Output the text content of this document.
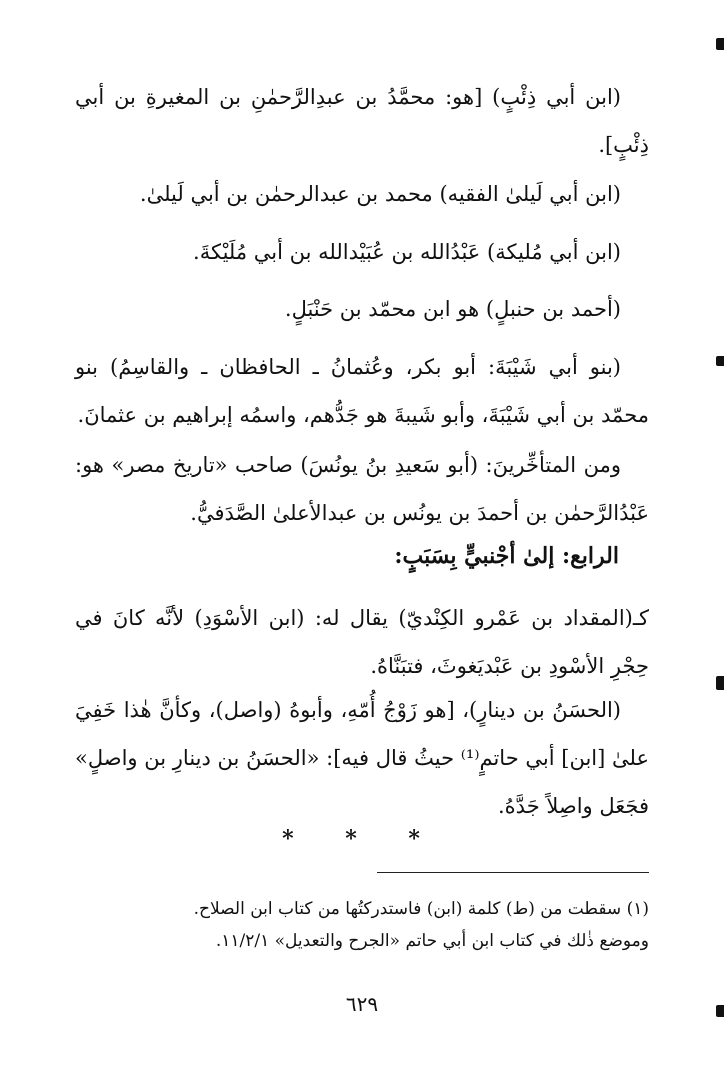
(ابن أبي ذِئْبٍ) [هو: محمَّدُ بن عبدِالرَّحمٰنِ بن المغيرةِ بن أبي ذِئْبٍ].

(ابن أبي لَيلىٰ الفقيه) محمد بن عبدالرحمٰن بن أبي لَيلىٰ.

(ابن أبي مُليكة) عَبْدُالله بن عُبَيْدالله بن أبي مُلَيْكةَ.

(أحمد بن حنبلٍ) هو ابن محمّد بن حَنْبَلٍ.

(بنو أبي شَيْبَةَ: أبو بكر، وعُثمانُ ـ الحافظان ـ والقاسِمُ) بنو محمّد بن أبي شَيْبَةَ، وأبو شَيبةَ هو جَدُّهم، واسمُه إبراهيم بن عثمانَ.

ومن المتأخِّرينَ: (أبو سَعيدِ بنُ يونُسَ) صاحب «تاريخ مصر» هو: عَبْدُالرَّحمٰن بن أحمدَ بن يونُس بن عبدالأعلىٰ الصَّدَفيُّ.

الرابع: إلىٰ أجْنبيٍّ بِسَبَبٍ:

كـ(المقداد بن عَمْرو الكِنْديّ) يقال له: (ابن الأسْوَدِ) لأنَّه كانَ في حِجْرِ الأسْودِ بن عَبْديَغوثَ، فتبَنَّاهُ.

(الحسَنُ بن دينارٍ)، [هو زَوْجُ أُمّهِ، وأبوهُ (واصل)، وكأنَّ هٰذا خَفِيَ علىٰ [ابن] أبي حاتمٍ⁽¹⁾ حيثُ قال فيه]: «الحسَنُ بن دينارِ بن واصلٍ» فجَعَل واصِلاً جَدَّهُ.

* * *

(١) سقطت من (ط) كلمة (ابن) فاستدركتُها من كتاب ابن الصلاح.

وموضع ذٰلك في كتاب ابن أبي حاتم «الجرح والتعديل» ١١/٢/١.

٦٢٩
